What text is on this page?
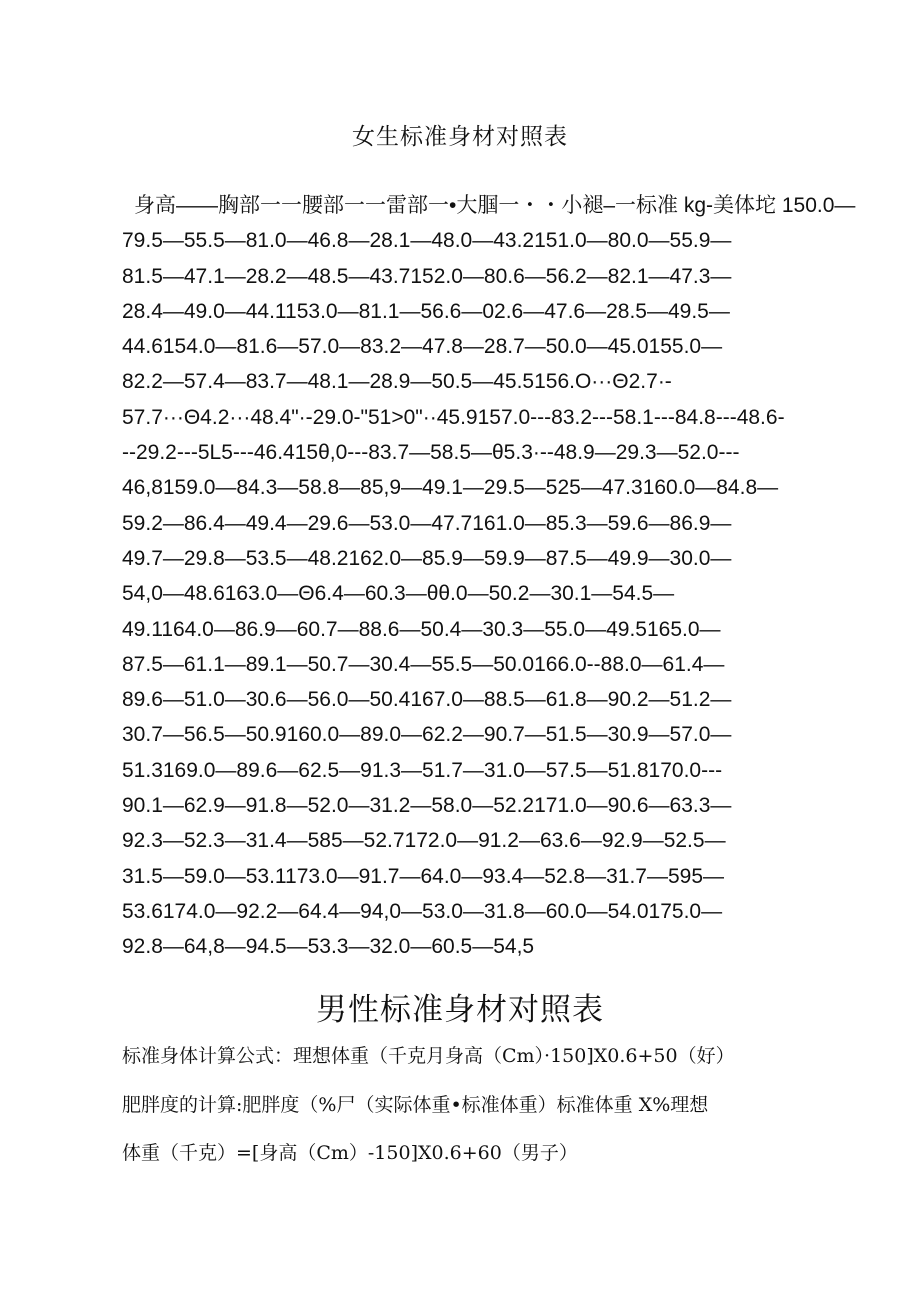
女生标准身材对照表
身高——胸部一一腰部一一雷部一•大腘一・・小褪–一标准 kg-美体坨 150.0—
79.5—55.5—81.0—46.8—28.1—48.0—43.2151.0—80.0—55.9—
81.5—47.1—28.2—48.5—43.7152.0—80.6—56.2—82.1—47.3—
28.4—49.0—44.1153.0—81.1—56.6—02.6—47.6—28.5—49.5—
44.6154.0—81.6—57.0—83.2—47.8—28.7—50.0—45.0155.0—
82.2—57.4—83.7—48.1—28.9—50.5—45.5156.O···Θ2.7·-
57.7···Θ4.2···48.4"·-29.0-"51>0"··45.9157.0---83.2---58.1---84.8---48.6-
--29.2---5L5---46.415θ,0---83.7—58.5—θ5.3·--48.9—29.3—52.0---
46,8159.0—84.3—58.8—85,9—49.1—29.5—525—47.3160.0—84.8—
59.2—86.4—49.4—29.6—53.0—47.7161.0—85.3—59.6—86.9—
49.7—29.8—53.5—48.2162.0—85.9—59.9—87.5—49.9—30.0—
54,0—48.6163.0—Θ6.4—60.3—θθ.0—50.2—30.1—54.5—
49.1164.0—86.9—60.7—88.6—50.4—30.3—55.0—49.5165.0—
87.5—61.1—89.1—50.7—30.4—55.5—50.0166.0--88.0—61.4—
89.6—51.0—30.6—56.0—50.4167.0—88.5—61.8—90.2—51.2—
30.7—56.5—50.9160.0—89.0—62.2—90.7—51.5—30.9—57.0—
51.3169.0—89.6—62.5—91.3—51.7—31.0—57.5—51.8170.0---
90.1—62.9—91.8—52.0—31.2—58.0—52.2171.0—90.6—63.3—
92.3—52.3—31.4—585—52.7172.0—91.2—63.6—92.9—52.5—
31.5—59.0—53.1173.0—91.7—64.0—93.4—52.8—31.7—595—
53.6174.0—92.2—64.4—94,0—53.0—31.8—60.0—54.0175.0—
92.8—64,8—94.5—53.3—32.0—60.5—54,5
男性标准身材对照表
标准身体计算公式：理想体重（千克月身高（Cm）·150]X0.6+50（好）
肥胖度的计算:肥胖度（%尸（实际体重•标准体重）标准体重 X%理想
体重（千克）=[身高（Cm）-150]X0.6+60（男子）
